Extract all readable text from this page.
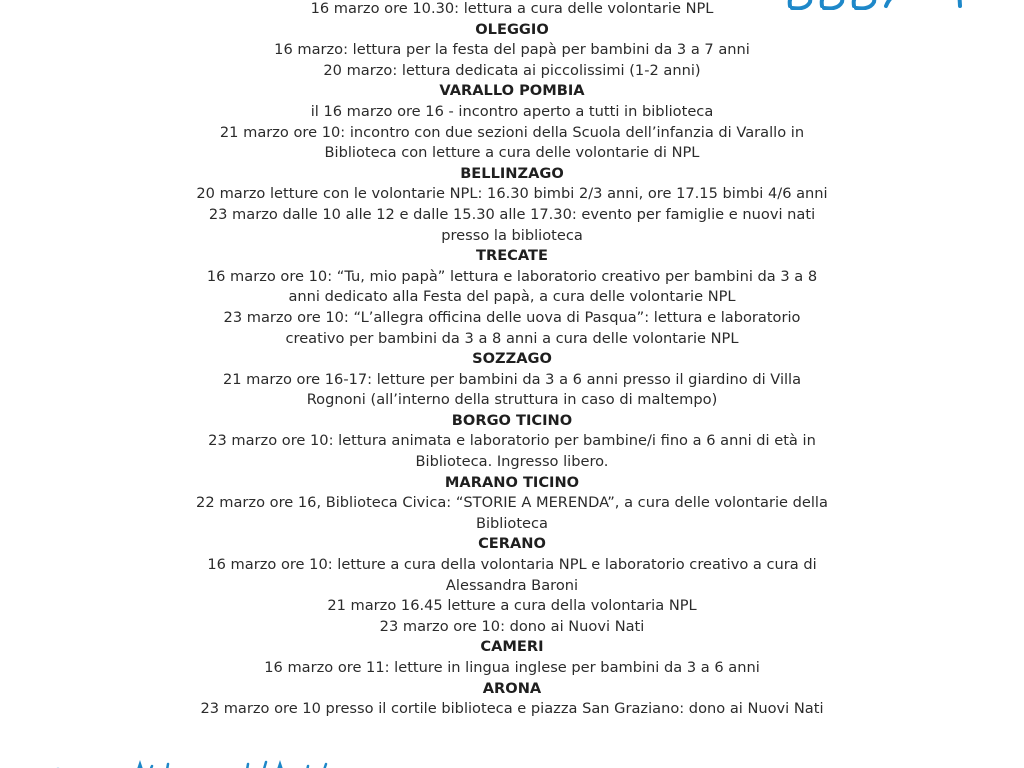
16 marzo ore 10.30: lettura a cura delle volontarie NPL
OLEGGIO
16 marzo: lettura per la festa del papà per bambini da 3 a 7 anni
20 marzo: lettura dedicata ai piccolissimi (1-2 anni)
VARALLO POMBIA
il 16 marzo ore 16 - incontro aperto a tutti in biblioteca
21 marzo ore 10: incontro con due sezioni della Scuola dell’infanzia di Varallo in Biblioteca con letture a cura delle volontarie di NPL
BELLINZAGO
20 marzo letture con le volontarie NPL: 16.30 bimbi 2/3 anni, ore 17.15 bimbi 4/6 anni
23 marzo dalle 10 alle 12 e dalle 15.30 alle 17.30: evento per famiglie e nuovi nati presso la biblioteca
TRECATE
16 marzo ore 10: “Tu, mio papà” lettura e laboratorio creativo per bambini da 3 a 8 anni dedicato alla Festa del papà, a cura delle volontarie NPL
23 marzo ore 10: “L’allegra officina delle uova di Pasqua”: lettura e laboratorio creativo per bambini da 3 a 8 anni a cura delle volontarie NPL
SOZZAGO
21 marzo ore 16-17: letture per bambini da 3 a 6 anni presso il giardino di Villa Rognoni (all’interno della struttura in caso di maltempo)
BORGO TICINO
23 marzo ore 10: lettura animata e laboratorio per bambine/i fino a 6 anni di età in Biblioteca. Ingresso libero.
MARANO TICINO
22 marzo ore 16, Biblioteca Civica: “STORIE A MERENDA”, a cura delle volontarie della Biblioteca
CERANO
16 marzo ore 10: letture a cura della volontaria NPL e laboratorio creativo a cura di Alessandra Baroni
21 marzo 16.45 letture a cura della volontaria NPL
23 marzo ore 10: dono ai Nuovi Nati
CAMERI
16 marzo ore 11: letture in lingua inglese per bambini da 3 a 6 anni
ARONA
23 marzo ore 10 presso il cortile biblioteca e piazza San Graziano: dono ai Nuovi Nati
